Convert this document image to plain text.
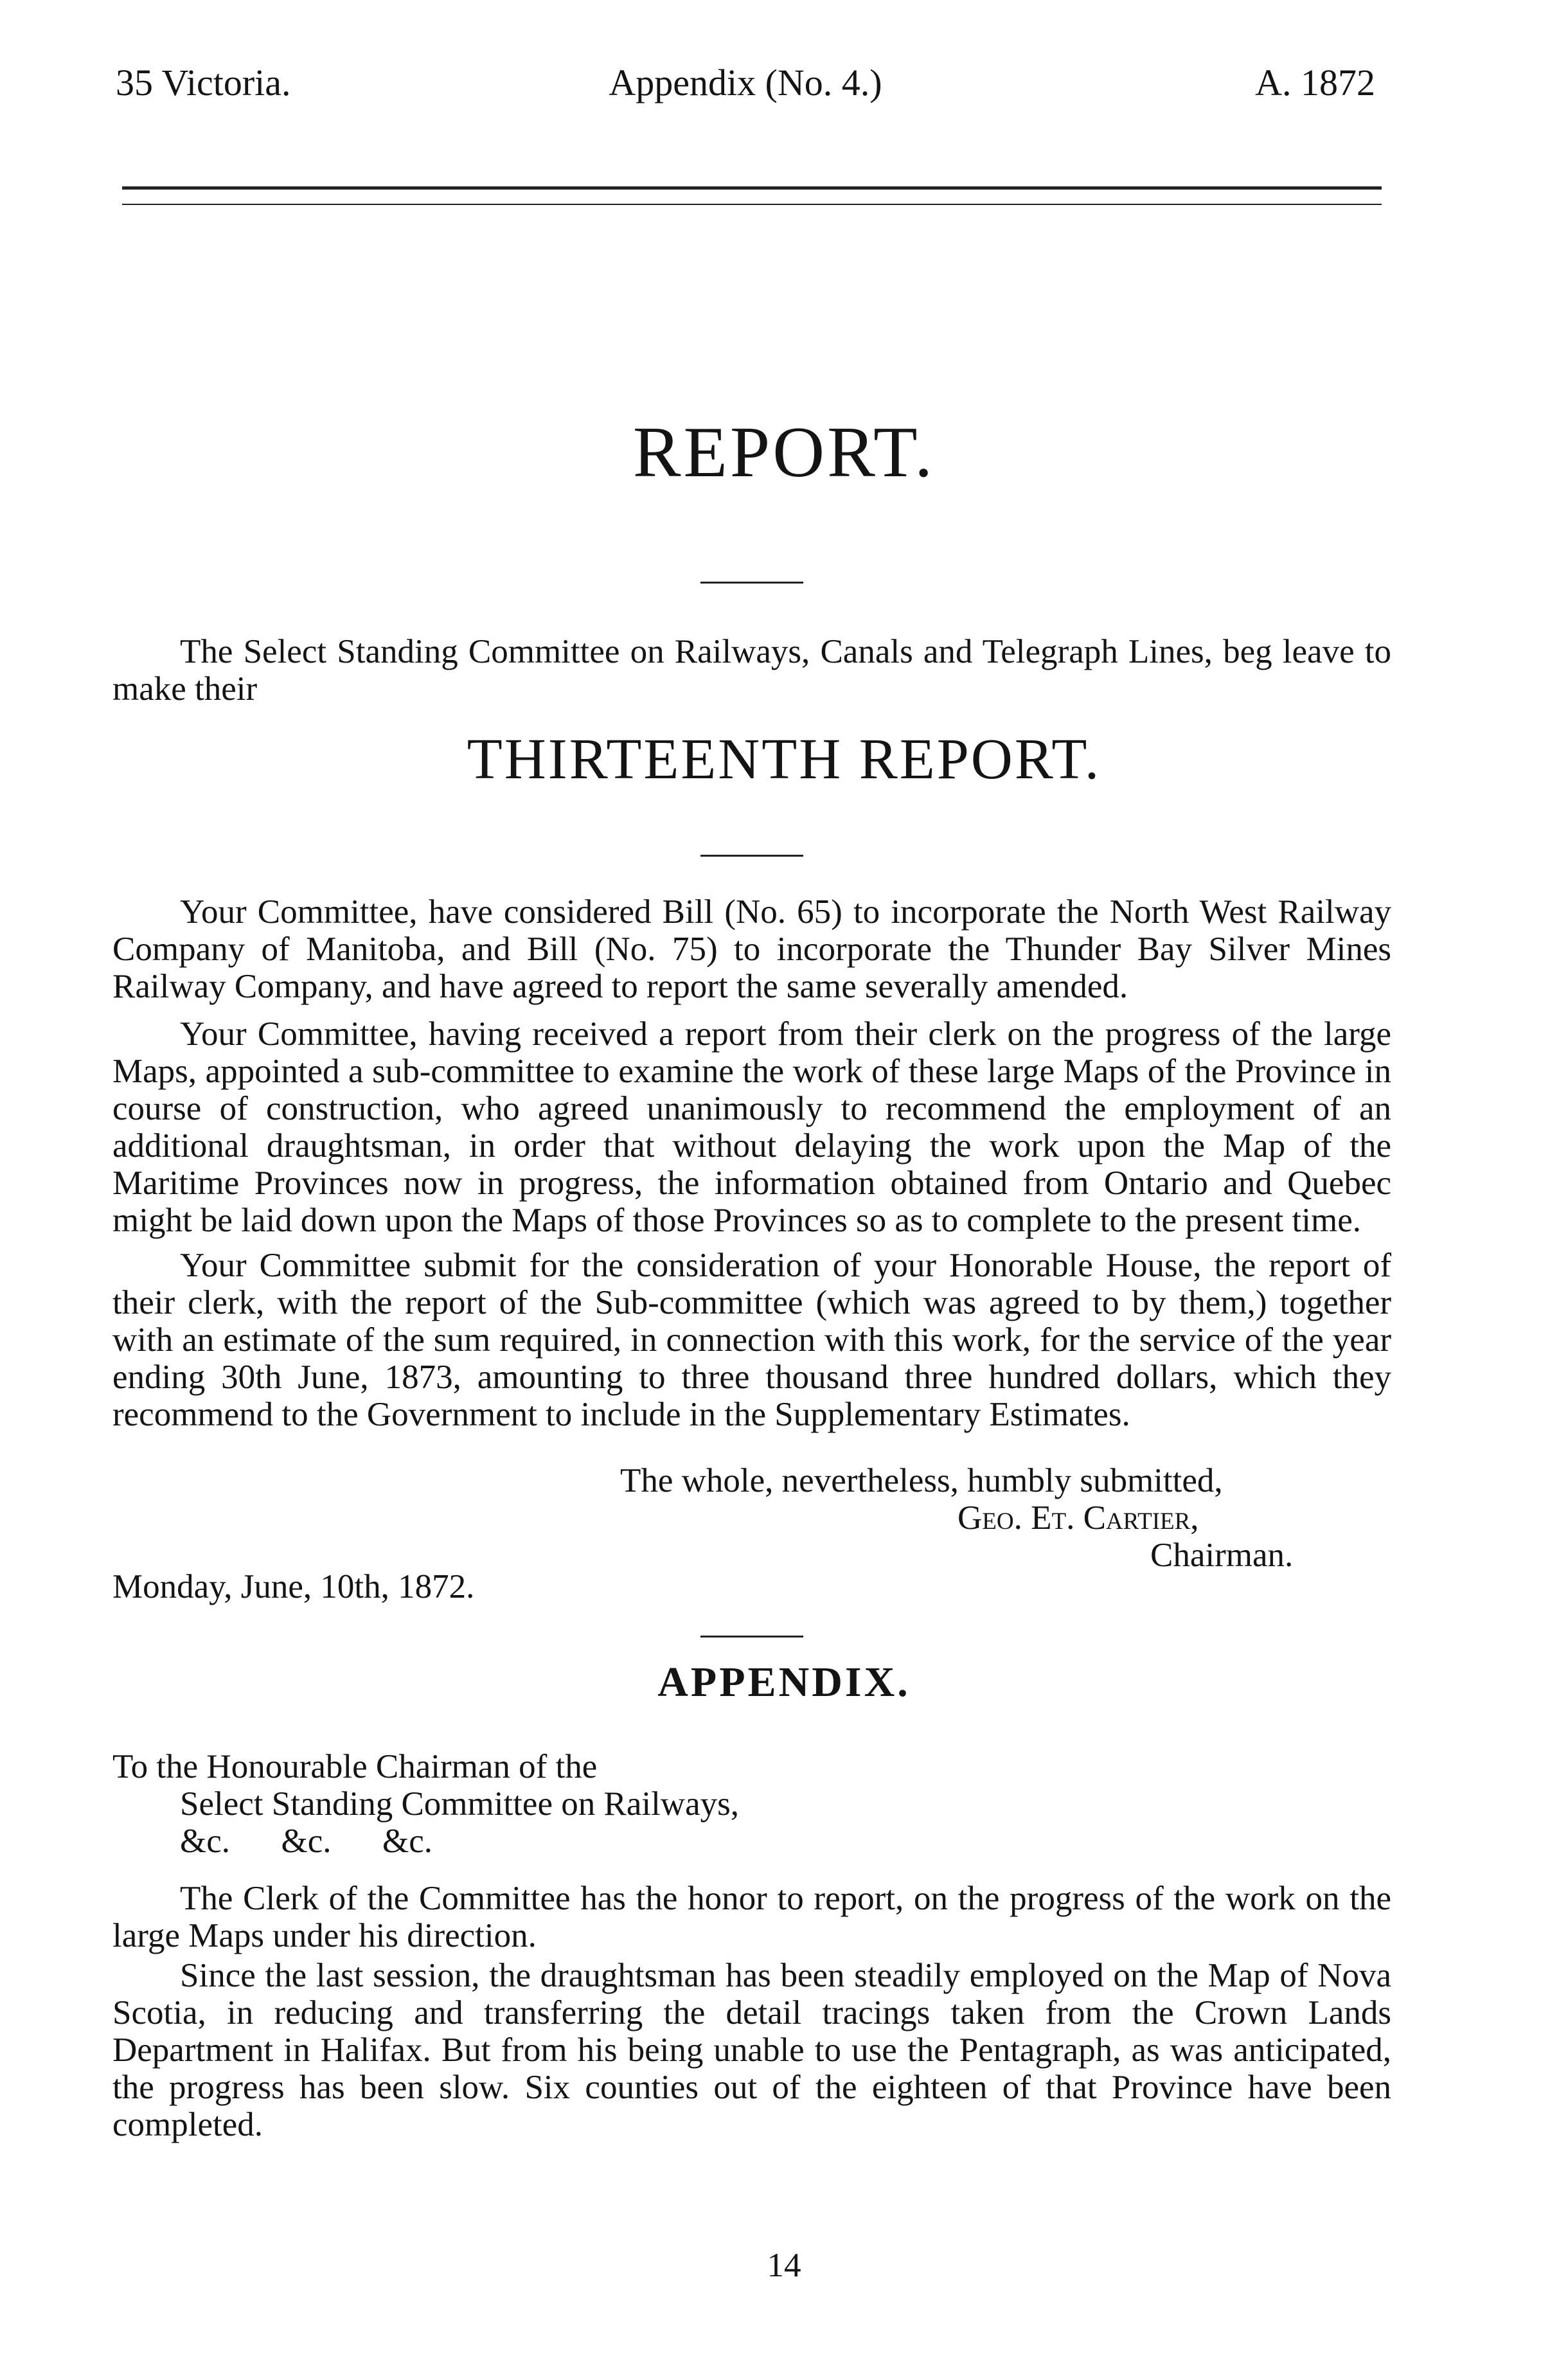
35 Victoria.	Appendix (No. 4.)	A. 1872
REPORT.
The Select Standing Committee on Railways, Canals and Telegraph Lines, beg leave to make their
THIRTEENTH REPORT.
Your Committee, have considered Bill (No. 65) to incorporate the North West Railway Company of Manitoba, and Bill (No. 75) to incorporate the Thunder Bay Silver Mines Railway Company, and have agreed to report the same severally amended.
Your Committee, having received a report from their clerk on the progress of the large Maps, appointed a sub-committee to examine the work of these large Maps of the Province in course of construction, who agreed unanimously to recommend the employment of an additional draughtsman, in order that without delaying the work upon the Map of the Maritime Provinces now in progress, the information obtained from Ontario and Quebec might be laid down upon the Maps of those Provinces so as to complete to the present time.
Your Committee submit for the consideration of your Honorable House, the report of their clerk, with the report of the Sub-committee (which was agreed to by them,) together with an estimate of the sum required, in connection with this work, for the service of the year ending 30th June, 1873, amounting to three thousand three hundred dollars, which they recommend to the Government to include in the Supplementary Estimates.
The whole, nevertheless, humbly submitted,
Geo. Et. Cartier,
Chairman.
Monday, June, 10th, 1872.
APPENDIX.
To the Honourable Chairman of the
Select Standing Committee on Railways,
&c.      &c.      &c.
The Clerk of the Committee has the honor to report, on the progress of the work on the large Maps under his direction.
Since the last session, the draughtsman has been steadily employed on the Map of Nova Scotia, in reducing and transferring the detail tracings taken from the Crown Lands Department in Halifax. But from his being unable to use the Pentagraph, as was anticipated, the progress has been slow. Six counties out of the eighteen of that Province have been completed.
14
